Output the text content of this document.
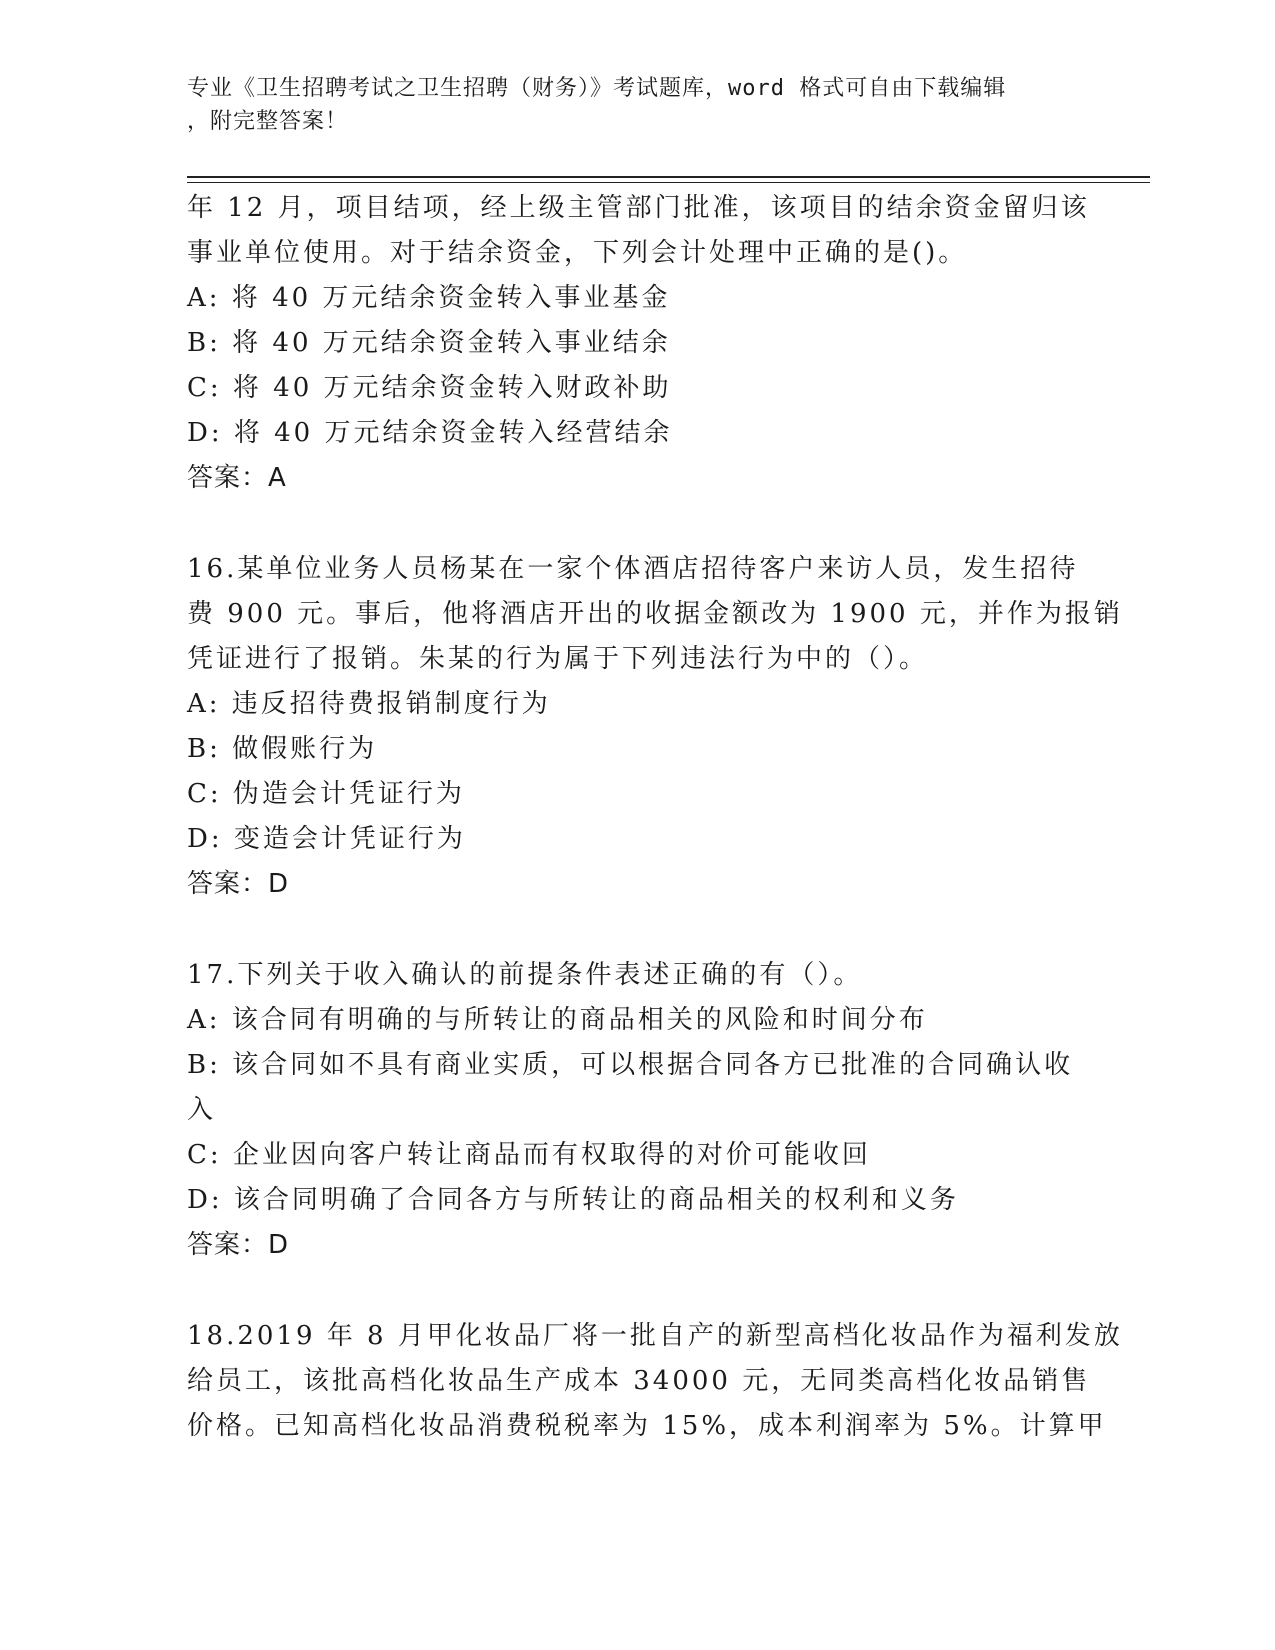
专业《卫生招聘考试之卫生招聘（财务）》考试题库，word 格式可自由下载编辑
，附完整答案！
年 12 月，项目结项，经上级主管部门批准，该项目的结余资金留归该
事业单位使用。对于结余资金，下列会计处理中正确的是()。
A: 将 40 万元结余资金转入事业基金
B: 将 40 万元结余资金转入事业结余
C: 将 40 万元结余资金转入财政补助
D: 将 40 万元结余资金转入经营结余
答案：A
16.某单位业务人员杨某在一家个体酒店招待客户来访人员，发生招待
费 900 元。事后，他将酒店开出的收据金额改为 1900 元，并作为报销
凭证进行了报销。朱某的行为属于下列违法行为中的（）。
A: 违反招待费报销制度行为
B: 做假账行为
C: 伪造会计凭证行为
D: 变造会计凭证行为
答案：D
17.下列关于收入确认的前提条件表述正确的有（）。
A: 该合同有明确的与所转让的商品相关的风险和时间分布
B: 该合同如不具有商业实质，可以根据合同各方已批准的合同确认收
入
C: 企业因向客户转让商品而有权取得的对价可能收回
D: 该合同明确了合同各方与所转让的商品相关的权利和义务
答案：D
18.2019 年 8 月甲化妆品厂将一批自产的新型高档化妆品作为福利发放
给员工，该批高档化妆品生产成本 34000 元，无同类高档化妆品销售
价格。已知高档化妆品消费税税率为 15%，成本利润率为 5%。计算甲
